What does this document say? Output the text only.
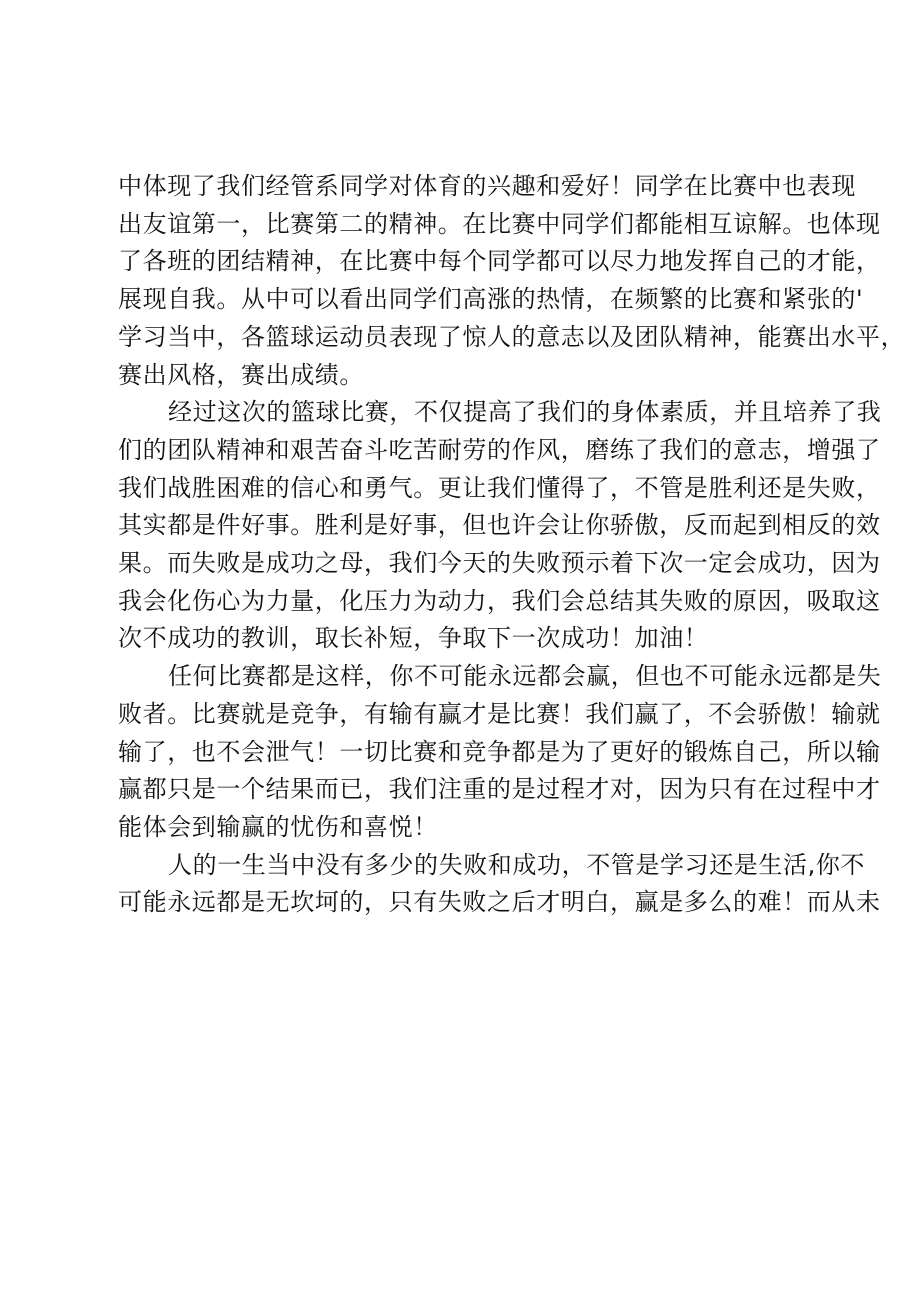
中体现了我们经管系同学对体育的兴趣和爱好！同学在比赛中也表现
出友谊第一，比赛第二的精神。在比赛中同学们都能相互谅解。也体现
了各班的团结精神，在比赛中每个同学都可以尽力地发挥自己的才能，
展现自我。从中可以看出同学们高涨的热情，在频繁的比赛和紧张的'
学习当中，各篮球运动员表现了惊人的意志以及团队精神，能赛出水平，
赛出风格，赛出成绩。
经过这次的篮球比赛，不仅提高了我们的身体素质，并且培养了我
们的团队精神和艰苦奋斗吃苦耐劳的作风，磨练了我们的意志，增强了
我们战胜困难的信心和勇气。更让我们懂得了，不管是胜利还是失败，
其实都是件好事。胜利是好事，但也许会让你骄傲，反而起到相反的效
果。而失败是成功之母，我们今天的失败预示着下次一定会成功，因为
我会化伤心为力量，化压力为动力，我们会总结其失败的原因，吸取这
次不成功的教训，取长补短，争取下一次成功！加油！
任何比赛都是这样，你不可能永远都会赢，但也不可能永远都是失
败者。比赛就是竞争，有输有赢才是比赛！我们赢了，不会骄傲！输就
输了，也不会泄气！一切比赛和竞争都是为了更好的锻炼自己，所以输
赢都只是一个结果而已，我们注重的是过程才对，因为只有在过程中才
能体会到输赢的忧伤和喜悦！
人的一生当中没有多少的失败和成功，不管是学习还是生活,你不
可能永远都是无坎坷的，只有失败之后才明白，赢是多么的难！而从未
